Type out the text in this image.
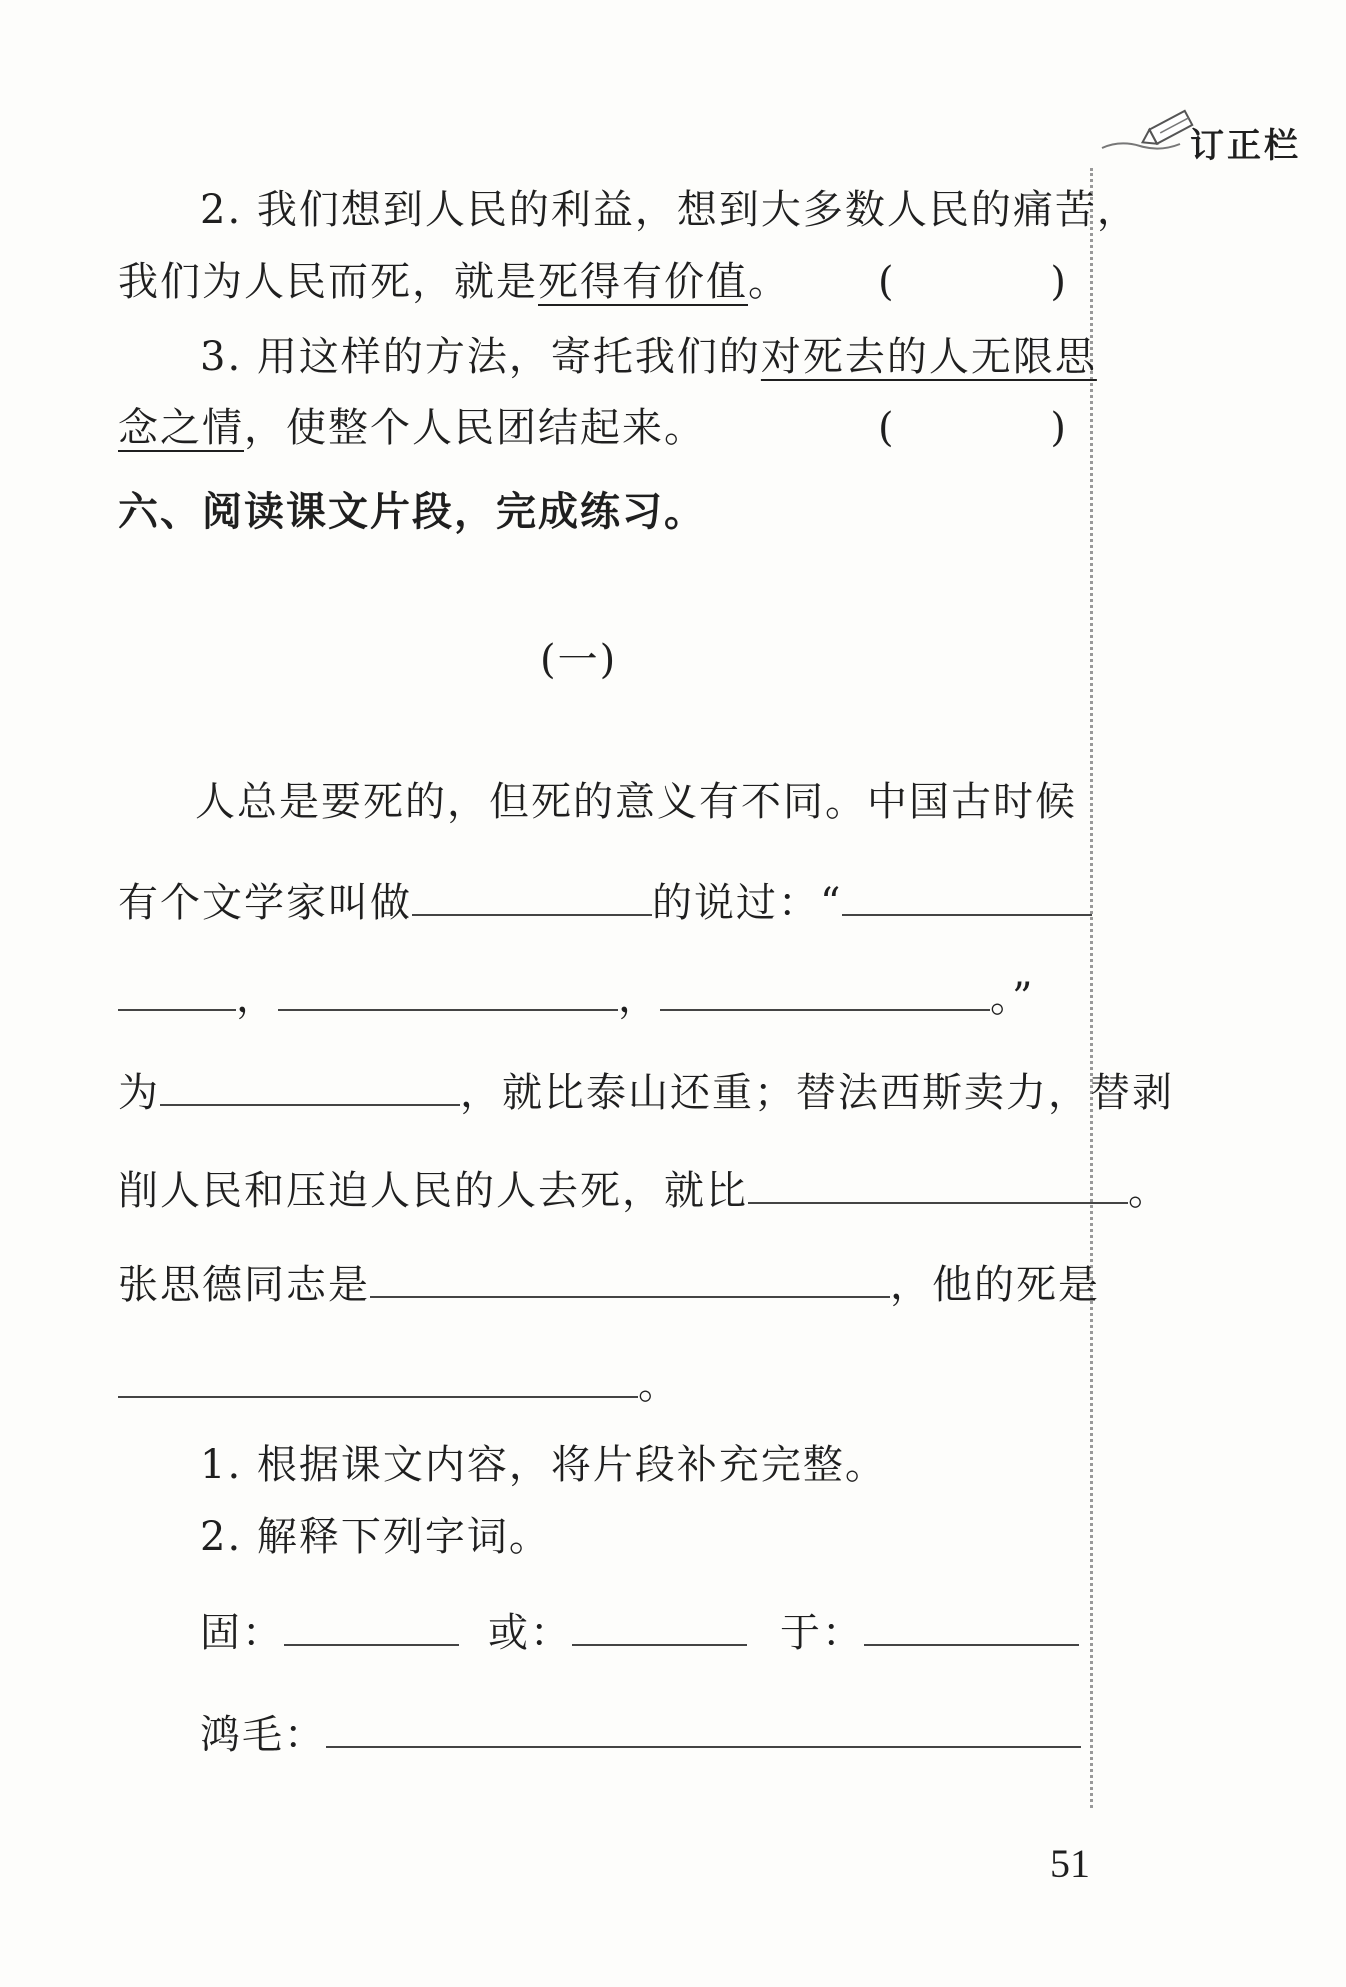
订正栏
2. 我们想到人民的利益，想到大多数人民的痛苦，
我们为人民而死，就是死得有价值。 (	)
3. 用这样的方法，寄托我们的对死去的人无限思
念之情，使整个人民团结起来。	(	)
六、阅读课文片段，完成练习。
(一)
人总是要死的，但死的意义有不同。中国古时候
有个文学家叫做	的说过：“
，	，	。”
为	，就比泰山还重；替法西斯卖力，替剥
削人民和压迫人民的人去死，就比	。
张思德同志是	，他的死是
。
1. 根据课文内容，将片段补充完整。
2. 解释下列字词。
固：	或：	于：
鸿毛：
51
